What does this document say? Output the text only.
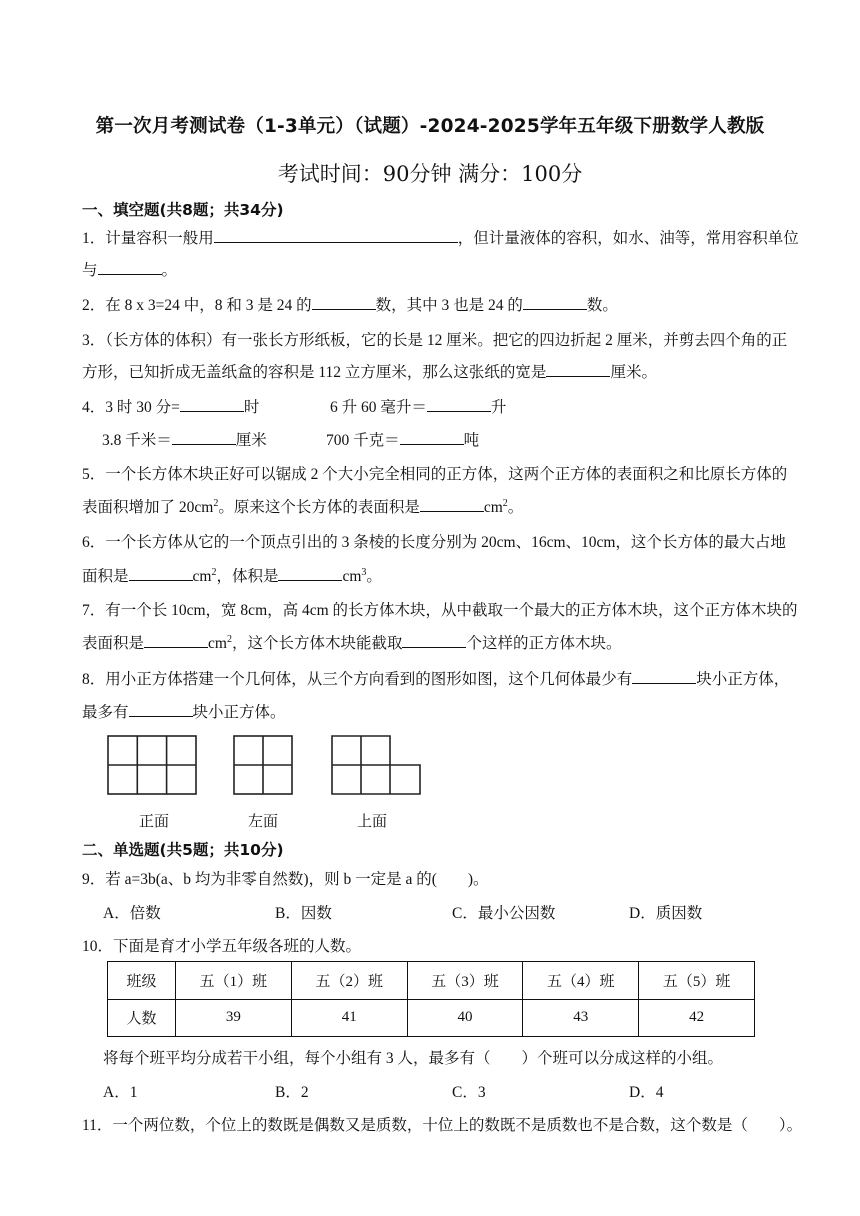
第一次月考测试卷（1-3单元）（试题）-2024-2025学年五年级下册数学人教版
考试时间：90分钟 满分：100分
一、填空题(共8题；共34分)
1．计量容积一般用	，但计量液体的容积，如水、油等，常用容积单位
与	。
2．在 8 x 3=24 中，8 和 3 是 24 的	数，其中 3 也是 24 的	数。
3．（长方体的体积）有一张长方形纸板，它的长是 12 厘米。把它的四边折起 2 厘米，并剪去四个角的正
方形，已知折成无盖纸盒的容积是 112 立方厘米，那么这张纸的宽是	厘米。
4．3 时 30 分=	时	6 升 60 毫升＝	升
3.8 千米＝	厘米	700 千克＝	吨
5．一个长方体木块正好可以锯成 2 个大小完全相同的正方体，这两个正方体的表面积之和比原长方体的
表面积增加了 $20cm^2$。原来这个长方体的表面积是	$cm^2$。
6．一个长方体从它的一个顶点引出的 3 条棱的长度分别为 20cm、16cm、10cm，这个长方体的最大占地
面积是	$cm^2$，体积是	$cm^3$。
7．有一个长 10cm，宽 8cm，高 4cm 的长方体木块，从中截取一个最大的正方体木块，这个正方体木块的
表面积是	$cm^2$，这个长方体木块能截取	个这样的正方体木块。
8．用小正方体搭建一个几何体，从三个方向看到的图形如图，这个几何体最少有	块小正方体，
最多有	块小正方体。
正面	左面	上面
二、单选题(共5题；共10分)
9．若 a=3b(a、b 均为非零自然数)，则 b 一定是 a 的(　　)。
A．倍数	B．因数	C．最小公因数	D．质因数
10．下面是育才小学五年级各班的人数。
班级	五（1）班	五（2）班	五（3）班	五（4）班	五（5）班
人数	39	41	40	43	42
将每个班平均分成若干小组，每个小组有 3 人，最多有（　　）个班可以分成这样的小组。
A．1	B．2	C．3	D．4
11．一个两位数，个位上的数既是偶数又是质数，十位上的数既不是质数也不是合数，这个数是（　　）。
